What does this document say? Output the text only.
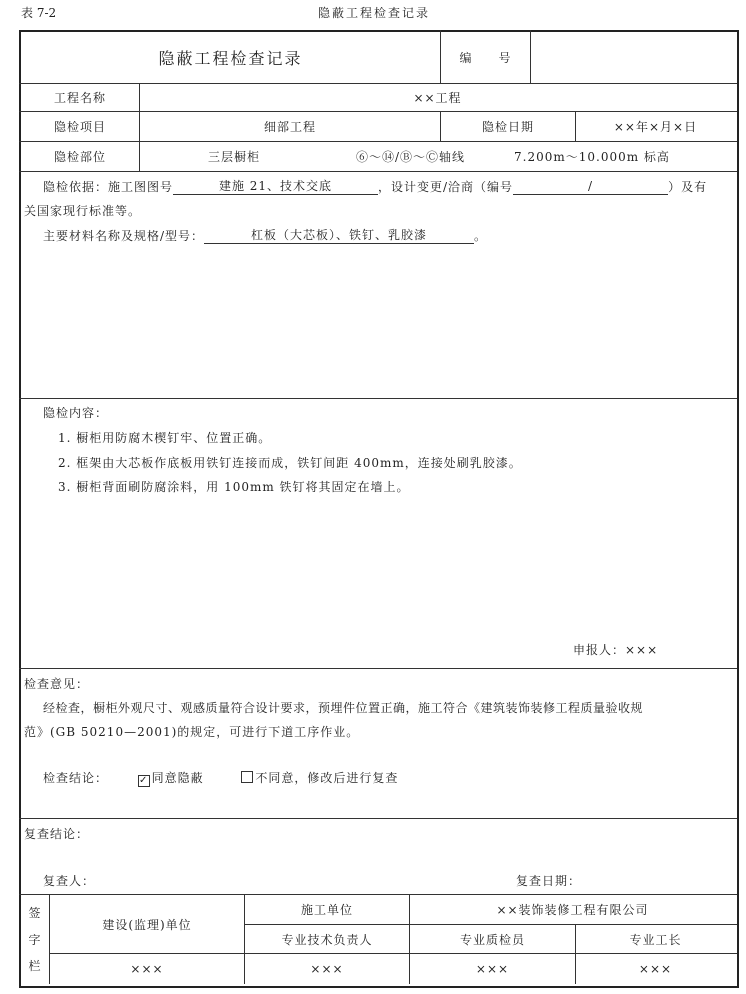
表 7-2	隐蔽工程检查记录
隐蔽工程检查记录	编　　号
工程名称	××工程
隐检项目	细部工程	隐检日期	××年×月×日
隐检部位	三层橱柜	⑥～⑭/Ⓑ～Ⓒ轴线	7.200m～10.000m 标高
隐检依据：施工图图号	建施 21、技术交底	，设计变更/洽商（编号	/	）及有
关国家现行标准等。
主要材料名称及规格/型号：	杠板（大芯板）、铁钉、乳胶漆	。
隐检内容：
1. 橱柜用防腐木楔钉牢、位置正确。
2. 框架由大芯板作底板用铁钉连接而成，铁钉间距 400mm，连接处刷乳胶漆。
3. 橱柜背面刷防腐涂料，用 100mm 铁钉将其固定在墙上。
申报人：×××
检查意见：
经检查，橱柜外观尺寸、观感质量符合设计要求，预埋件位置正确，施工符合《建筑装饰装修工程质量验收规
范》(GB 50210—2001)的规定，可进行下道工序作业。
检查结论：	✓ 同意隐蔽	不同意，修改后进行复查
复查结论：
复查人：	复查日期：
签
字
栏
建设(监理)单位
施工单位	××装饰装修工程有限公司
专业技术负责人	专业质检员	专业工长
×××	×××	×××	×××
